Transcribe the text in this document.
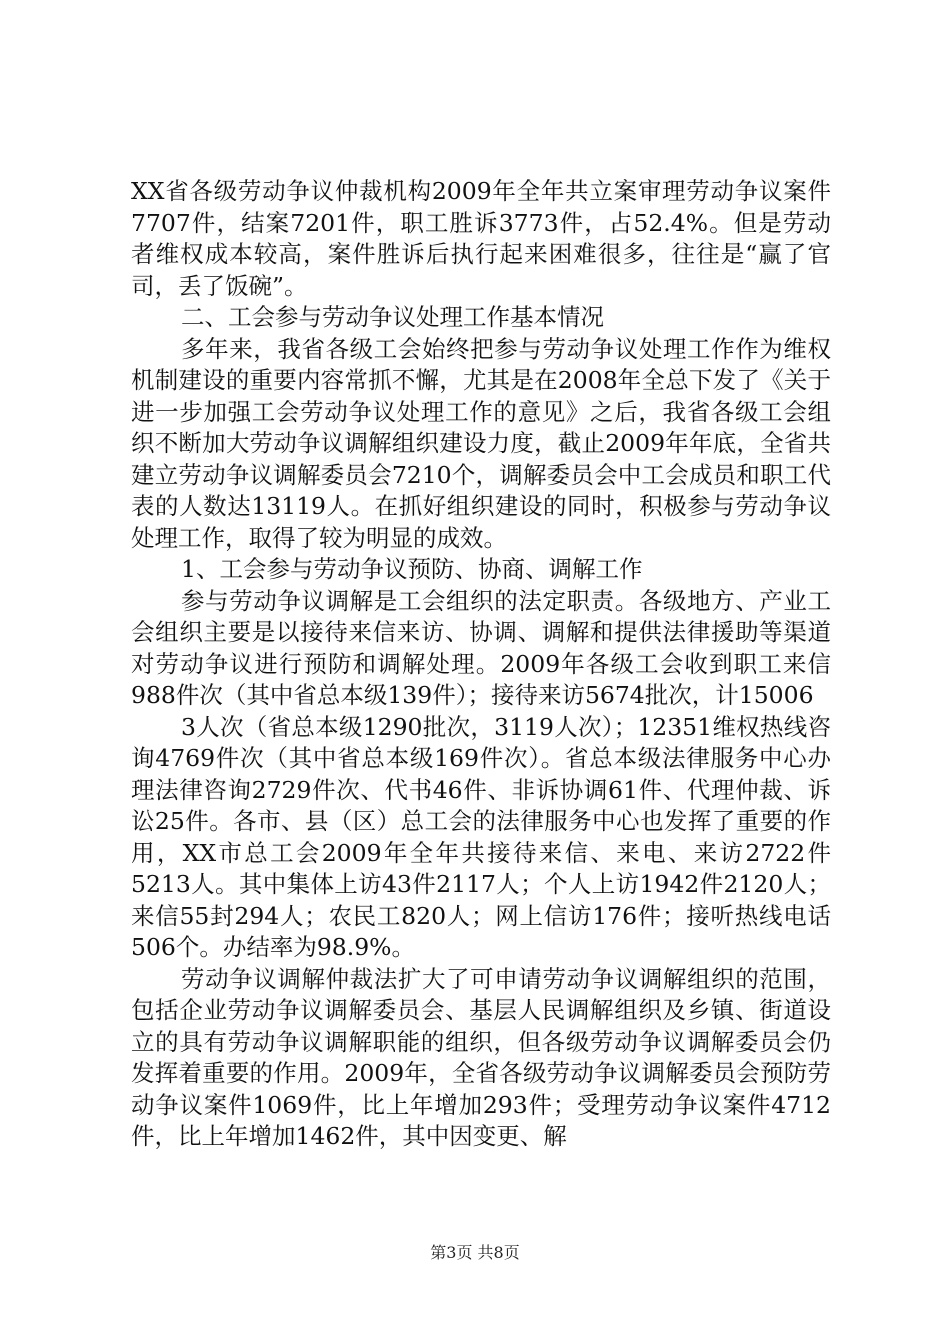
XX省各级劳动争议仲裁机构2009年全年共立案审理劳动争议案件7707件，结案7201件，职工胜诉3773件，占52.4%。但是劳动者维权成本较高，案件胜诉后执行起来困难很多，往往是“赢了官司，丢了饭碗”。

二、工会参与劳动争议处理工作基本情况

多年来，我省各级工会始终把参与劳动争议处理工作作为维权机制建设的重要内容常抓不懈，尤其是在2008年全总下发了《关于进一步加强工会劳动争议处理工作的意见》之后，我省各级工会组织不断加大劳动争议调解组织建设力度，截止2009年年底，全省共建立劳动争议调解委员会7210个，调解委员会中工会成员和职工代表的人数达13119人。在抓好组织建设的同时，积极参与劳动争议处理工作，取得了较为明显的成效。

1、工会参与劳动争议预防、协商、调解工作

参与劳动争议调解是工会组织的法定职责。各级地方、产业工会组织主要是以接待来信来访、协调、调解和提供法律援助等渠道对劳动争议进行预防和调解处理。2009年各级工会收到职工来信988件次（其中省总本级139件）；接待来访5674批次，计15006

3人次（省总本级1290批次，3119人次）；12351维权热线咨询4769件次（其中省总本级169件次）。省总本级法律服务中心办理法律咨询2729件次、代书46件、非诉协调61件、代理仲裁、诉讼25件。各市、县（区）总工会的法律服务中心也发挥了重要的作用，XX市总工会2009年全年共接待来信、来电、来访2722件5213人。其中集体上访43件2117人；个人上访1942件2120人；来信55封294人；农民工820人；网上信访176件；接听热线电话506个。办结率为98.9%。

劳动争议调解仲裁法扩大了可申请劳动争议调解组织的范围，包括企业劳动争议调解委员会、基层人民调解组织及乡镇、街道设立的具有劳动争议调解职能的组织，但各级劳动争议调解委员会仍发挥着重要的作用。2009年，全省各级劳动争议调解委员会预防劳动争议案件1069件，比上年增加293件；受理劳动争议案件4712件，比上年增加1462件，其中因变更、解

第3页 共8页
